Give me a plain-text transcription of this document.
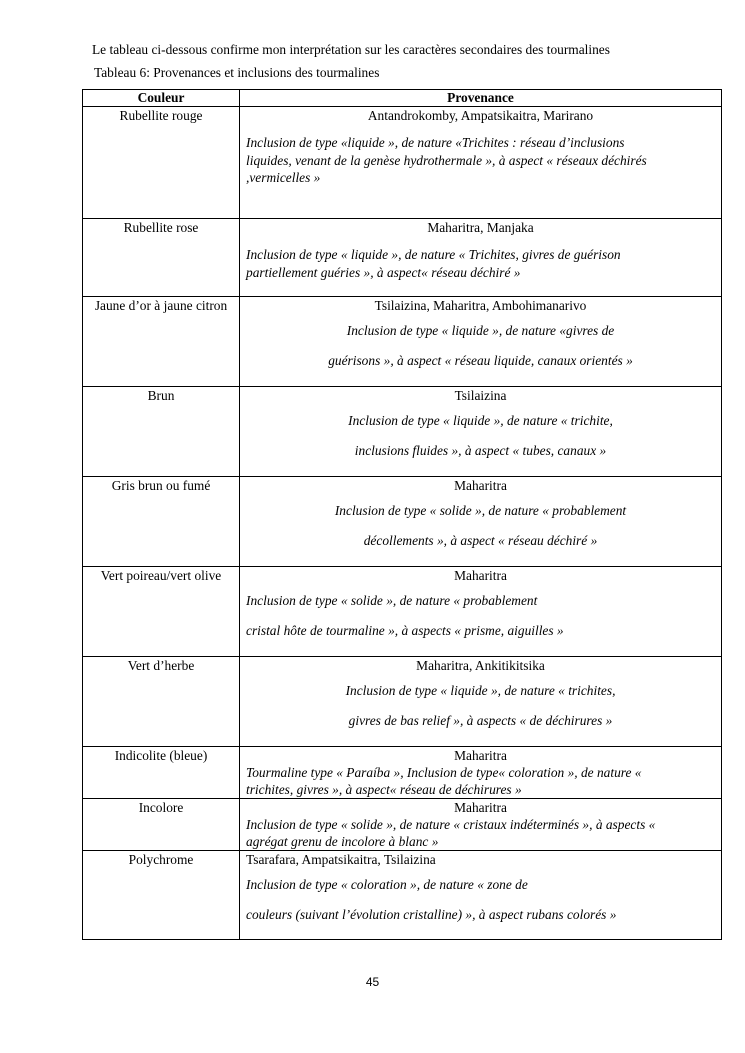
Le tableau ci-dessous confirme mon interprétation sur les caractères secondaires des tourmalines
Tableau 6: Provenances et inclusions des tourmalines
Couleur	Provenance
Rubellite rouge	Antandrokomby, Ampatsikaitra, Marirano
Inclusion de type «liquide », de nature «Trichites : réseau d’inclusions
liquides, venant de la genèse hydrothermale », à aspect « réseaux déchirés
,vermicelles »

Rubellite rose	Maharitra, Manjaka
Inclusion de type « liquide », de nature « Trichites, givres de guérison
partiellement guéries », à aspect« réseau déchiré »

Jaune d’or à jaune citron	Tsilaizina, Maharitra, Ambohimanarivo
Inclusion de type « liquide », de nature «givres de
guérisons », à aspect « réseau liquide, canaux orientés »

Brun	Tsilaizina
Inclusion de type « liquide », de nature « trichite,
inclusions fluides », à aspect « tubes, canaux »

Gris brun ou fumé	Maharitra
Inclusion de type « solide », de nature « probablement
décollements », à aspect « réseau déchiré »

Vert poireau/vert olive	Maharitra
Inclusion de type « solide », de nature « probablement
cristal hôte de tourmaline », à aspects « prisme, aiguilles »

Vert d’herbe	Maharitra, Ankitikitsika
Inclusion de type « liquide », de nature « trichites,
givres de bas relief », à aspects « de déchirures »

Indicolite (bleue)	Maharitra
Tourmaline type « Paraíba », Inclusion de type« coloration », de nature «
trichites, givres », à aspect« réseau de déchirures »

Incolore	Maharitra
Inclusion de type « solide », de nature « cristaux indéterminés », à aspects «
agrégat grenu de incolore à blanc »

Polychrome	Tsarafara, Ampatsikaitra, Tsilaizina
Inclusion de type « coloration », de nature « zone de
couleurs (suivant l’évolution cristalline) », à aspect rubans colorés »
45
